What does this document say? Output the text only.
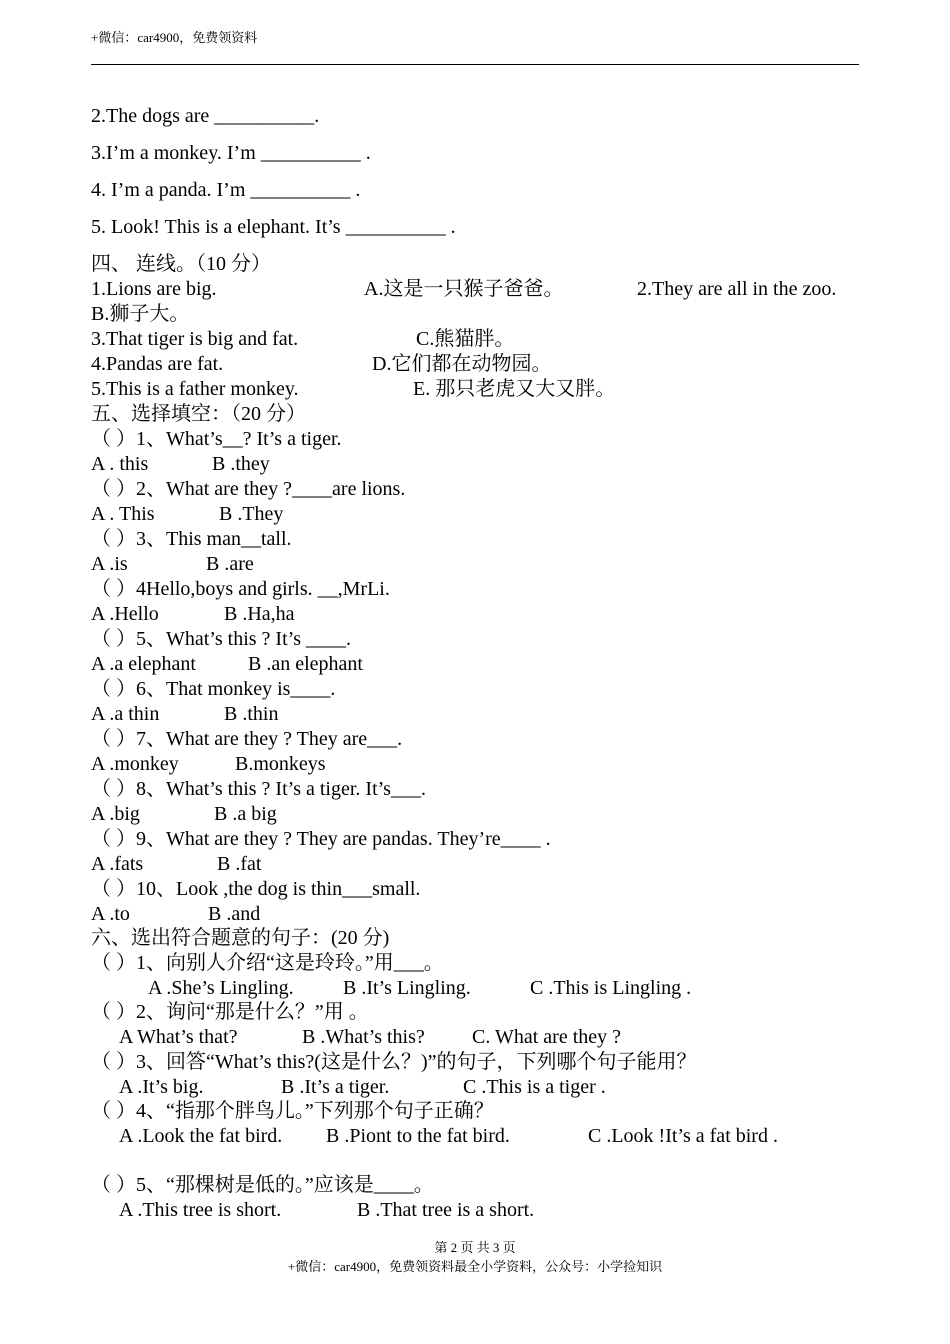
+微信：car4900，免费领资料
2.The dogs are __________.
3.I’m a monkey. I’m __________ .
4. I’m a panda. I’m __________ .
5. Look! This is a elephant. It’s __________ .
四、 连线。（10 分）
1.Lions are big.	A.这是一只猴子爸爸。	2.They are all in the zoo.
B.狮子大。
3.That tiger is big and fat.	C.熊猫胖。
4.Pandas are fat.	D.它们都在动物园。
5.This is a father monkey.	E. 那只老虎又大又胖。
五、选择填空：（20 分）
（ ）1、What’s__? It’s a tiger.
A . this	B .they
（ ）2、What are they ?____are lions.
A . This	B .They
（ ）3、This man__tall.
A .is	B .are
（ ）4Hello,boys and girls. __,MrLi.
A .Hello	B .Ha,ha
（ ）5、What’s this ? It’s ____.
A .a elephant	B .an elephant
（ ）6、That monkey is____.
A .a thin	B .thin
（ ）7、What are they ? They are___.
A .monkey	B.monkeys
（ ）8、What’s this ? It’s a tiger. It’s___.
A .big	B .a big
（ ）9、What are they ? They are pandas. They’re____ .
A .fats	B .fat
（ ）10、Look ,the dog is thin___small.
A .to	B .and
六、选出符合题意的句子：(20 分)
（ ）1、向别人介绍“这是玲玲。”用___。
A .She’s Lingling. B .It’s Lingling.	C .This is Lingling .
（ ）2、询问“那是什么？”用 。
A What’s that?	B .What’s this? C. What are they ?
（ ）3、回答“What’s this?(这是什么？)”的句子，下列哪个句子能用？
A .It’s big.	B .It’s a tiger.	C .This is a tiger .
（ ）4、“指那个胖鸟儿。”下列那个句子正确？
A .Look the fat bird. B .Piont to the fat bird.	C .Look !It’s a fat bird .
（ ）5、“那棵树是低的。”应该是____。
A .This tree is short.	B .That tree is a short.
第 2 页 共 3 页
+微信：car4900，免费领资料最全小学资料，公众号：小学捡知识
